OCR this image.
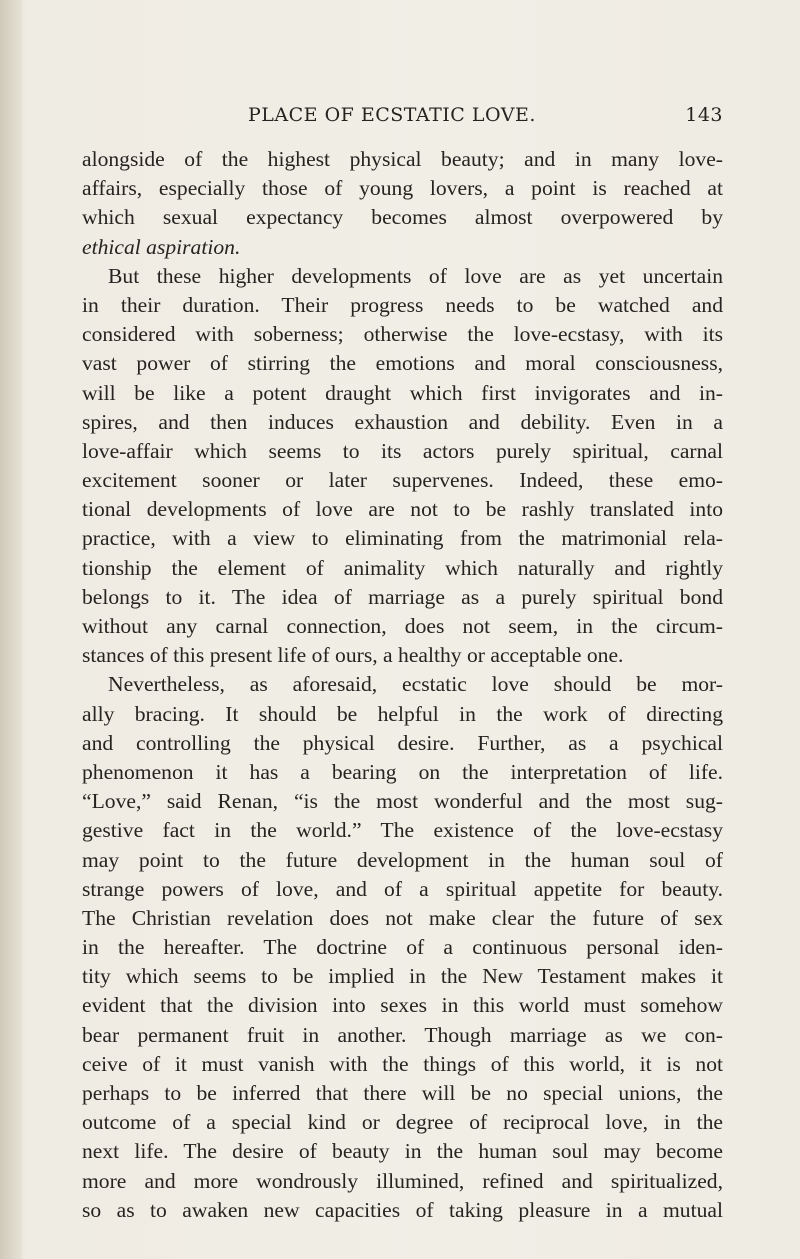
PLACE OF ECSTATIC LOVE.	143
alongside of the highest physical beauty; and in many love-
affairs, especially those of young lovers, a point is reached at
which sexual expectancy becomes almost overpowered by
ethical aspiration.
But these higher developments of love are as yet uncertain
in their duration. Their progress needs to be watched and
considered with soberness; otherwise the love-ecstasy, with its
vast power of stirring the emotions and moral consciousness,
will be like a potent draught which first invigorates and in-
spires, and then induces exhaustion and debility. Even in a
love-affair which seems to its actors purely spiritual, carnal
excitement sooner or later supervenes. Indeed, these emo-
tional developments of love are not to be rashly translated into
practice, with a view to eliminating from the matrimonial rela-
tionship the element of animality which naturally and rightly
belongs to it. The idea of marriage as a purely spiritual bond
without any carnal connection, does not seem, in the circum-
stances of this present life of ours, a healthy or acceptable one.
Nevertheless, as aforesaid, ecstatic love should be mor-
ally bracing. It should be helpful in the work of directing
and controlling the physical desire. Further, as a psychical
phenomenon it has a bearing on the interpretation of life.
“Love,” said Renan, “is the most wonderful and the most sug-
gestive fact in the world.” The existence of the love-ecstasy
may point to the future development in the human soul of
strange powers of love, and of a spiritual appetite for beauty.
The Christian revelation does not make clear the future of sex
in the hereafter. The doctrine of a continuous personal iden-
tity which seems to be implied in the New Testament makes it
evident that the division into sexes in this world must somehow
bear permanent fruit in another. Though marriage as we con-
ceive of it must vanish with the things of this world, it is not
perhaps to be inferred that there will be no special unions, the
outcome of a special kind or degree of reciprocal love, in the
next life. The desire of beauty in the human soul may become
more and more wondrously illumined, refined and spiritualized,
so as to awaken new capacities of taking pleasure in a mutual
